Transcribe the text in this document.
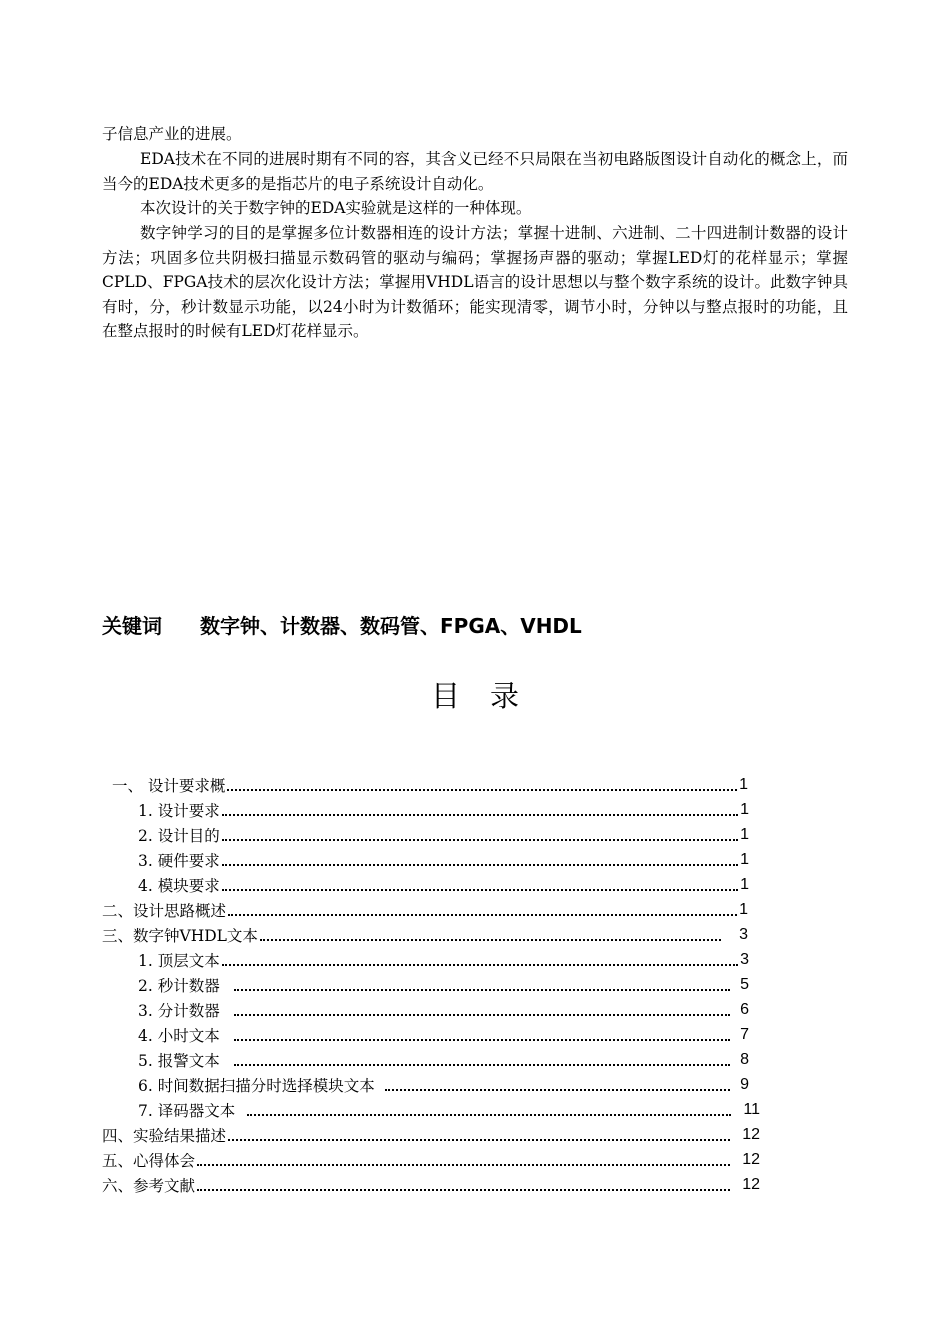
子信息产业的进展。

EDA技术在不同的进展时期有不同的容，其含义已经不只局限在当初电路版图设计自动化的概念上，而当今的EDA技术更多的是指芯片的电子系统设计自动化。

本次设计的关于数字钟的EDA实验就是这样的一种体现。

数字钟学习的目的是掌握多位计数器相连的设计方法；掌握十进制、六进制、二十四进制计数器的设计方法；巩固多位共阴极扫描显示数码管的驱动与编码；掌握扬声器的驱动；掌握LED灯的花样显示；掌握CPLD、FPGA技术的层次化设计方法；掌握用VHDL语言的设计思想以与整个数字系统的设计。此数字钟具有时，分，秒计数显示功能，以24小时为计数循环；能实现清零，调节小时，分钟以与整点报时的功能，且在整点报时的时候有LED灯花样显示。

关键词 数字钟、计数器、数码管、FPGA、VHDL
目录
一、 设计要求概	1
1. 设计要求	1
2. 设计目的	1
3. 硬件要求	1
4. 模块要求	1
二、设计思路概述	1
三、数字钟VHDL文本	3
1. 顶层文本	3
2. 秒计数器	5
3. 分计数器	6
4. 小时文本	7
5. 报警文本	8
6. 时间数据扫描分时选择模块文本	9
7. 译码器文本	11
四、实验结果描述	12
五、心得体会	12
六、参考文献	12
